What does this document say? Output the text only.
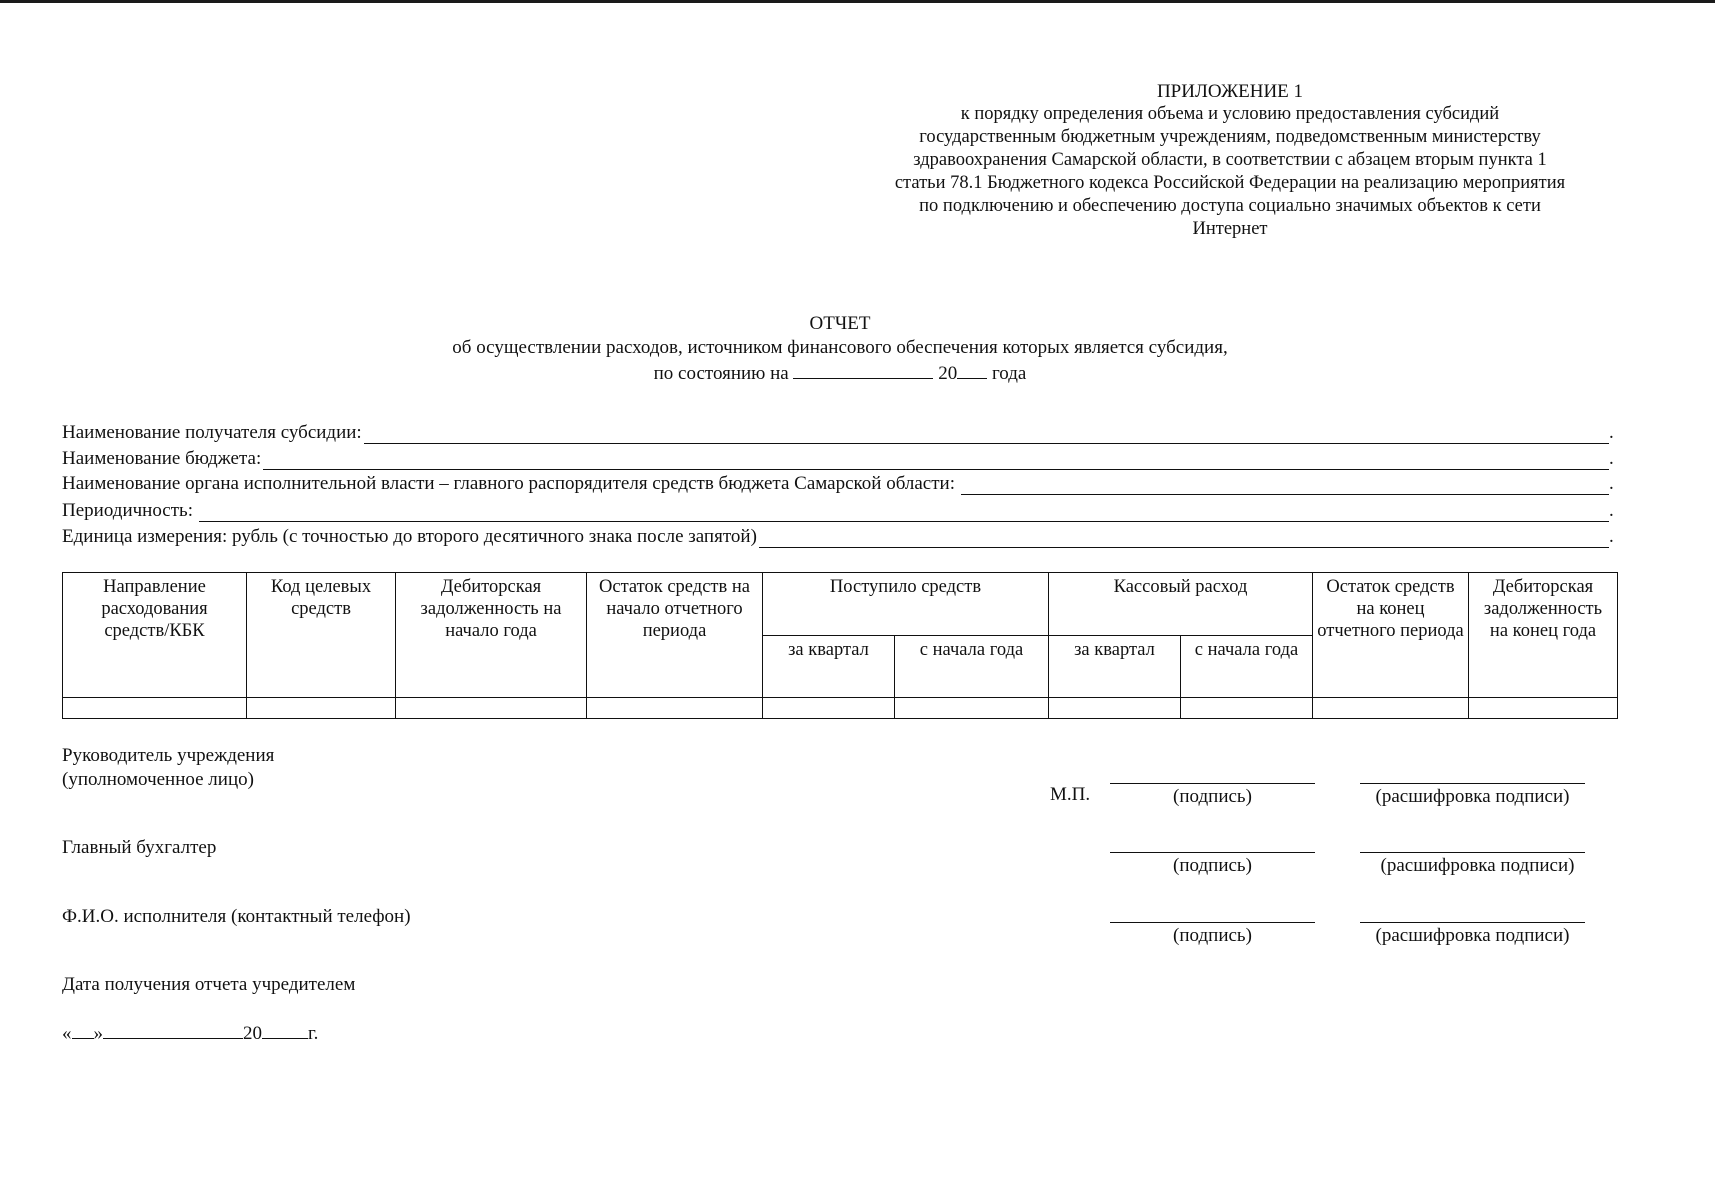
ПРИЛОЖЕНИЕ 1
к порядку определения объема и условию предоставления субсидий
государственным бюджетным учреждениям, подведомственным министерству
здравоохранения Самарской области, в соответствии с абзацем вторым пункта 1
статьи 78.1 Бюджетного кодекса Российской Федерации на реализацию мероприятия
по подключению и обеспечению доступа социально значимых объектов к сети
Интернет
ОТЧЕТ
об осуществлении расходов, источником финансового обеспечения которых является субсидия,
по состоянию на	20 года
Наименование получателя субсидии:	.
Наименование бюджета:	.
Наименование органа исполнительной власти – главного распорядителя средств бюджета Самарской области:	.
Периодичность:	.
Единица измерения: рубль (с точностью до второго десятичного знака после запятой)	.
Направление расходования средств/КБК	Код целевых средств	Дебиторская задолженность на начало года	Остаток средств на начало отчетного периода	Поступило средств		Кассовый расход		Остаток средств на конец отчетного периода	Дебиторская задолженность на конец года
				за квартал	с начала года	за квартал	с начала года		

Руководитель учреждения
(уполномоченное лицо)
М.П.	(подпись)	(расшифровка подписи)
Главный бухгалтер
(подпись)	(расшифровка подписи)
Ф.И.О. исполнителя (контактный телефон)
(подпись)	(расшифровка подписи)
Дата получения отчета учредителем
« »	20 г.
